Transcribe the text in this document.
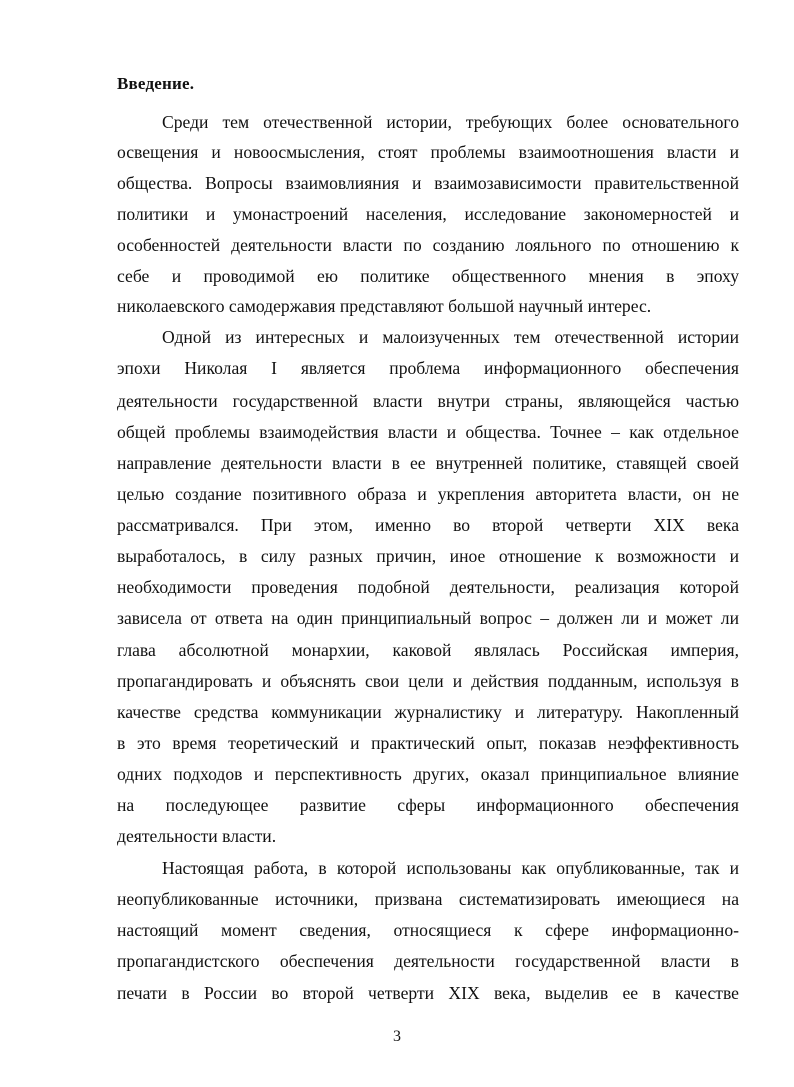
Введение.
Среди тем отечественной истории, требующих более основательного
освещения и новоосмысления, стоят проблемы взаимоотношения власти и
общества. Вопросы взаимовлияния и взаимозависимости правительственной
политики и умонастроений населения, исследование закономерностей и
особенностей деятельности власти по созданию лояльного по отношению к
себе и проводимой ею политике общественного мнения в эпоху
николаевского самодержавия представляют большой научный интерес.
Одной из интересных и малоизученных тем отечественной истории
эпохи Николая I является проблема информационного обеспечения
деятельности государственной власти внутри страны, являющейся частью
общей проблемы взаимодействия власти и общества. Точнее – как отдельное
направление деятельности власти в ее внутренней политике, ставящей своей
целью создание позитивного образа и укрепления авторитета власти, он не
рассматривался. При этом, именно во второй четверти XIX века
выработалось, в силу разных причин, иное отношение к возможности и
необходимости проведения подобной деятельности, реализация которой
зависела от ответа на один принципиальный вопрос – должен ли и может ли
глава абсолютной монархии, каковой являлась Российская империя,
пропагандировать и объяснять свои цели и действия подданным, используя в
качестве средства коммуникации журналистику и литературу. Накопленный
в это время теоретический и практический опыт, показав неэффективность
одних подходов и перспективность других, оказал принципиальное влияние
на последующее развитие сферы информационного обеспечения
деятельности власти.
Настоящая работа, в которой использованы как опубликованные, так и
неопубликованные источники, призвана систематизировать имеющиеся на
настоящий момент сведения, относящиеся к сфере информационно-
пропагандистского обеспечения деятельности государственной власти в
печати в России во второй четверти XIX века, выделив ее в качестве
3
